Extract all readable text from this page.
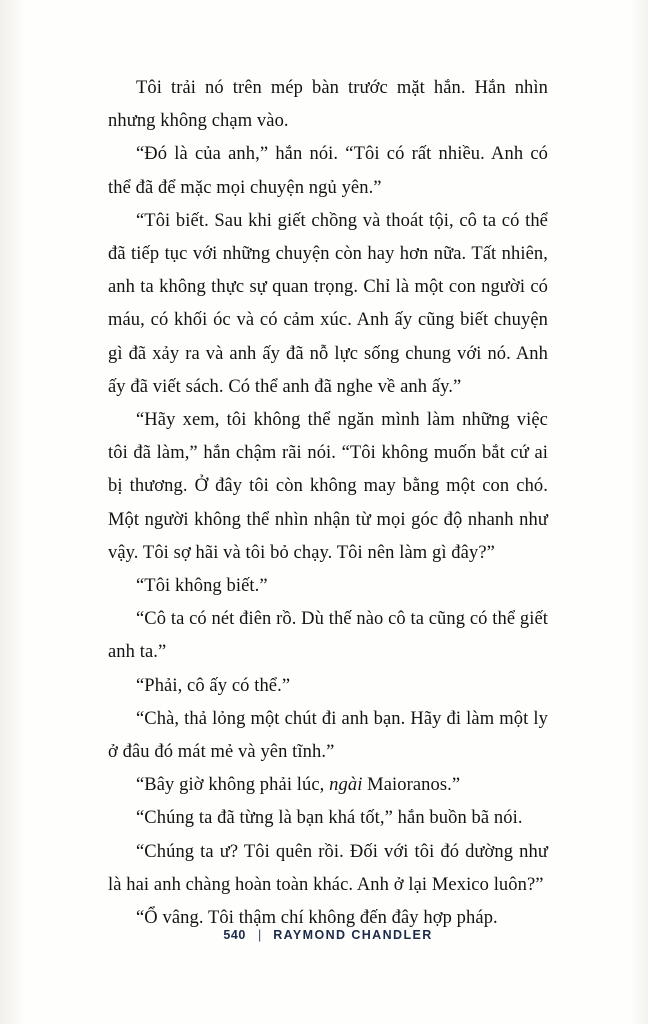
Tôi trải nó trên mép bàn trước mặt hắn. Hắn nhìn nhưng không chạm vào.

“Đó là của anh,” hắn nói. “Tôi có rất nhiều. Anh có thể đã để mặc mọi chuyện ngủ yên.”

“Tôi biết. Sau khi giết chồng và thoát tội, cô ta có thể đã tiếp tục với những chuyện còn hay hơn nữa. Tất nhiên, anh ta không thực sự quan trọng. Chỉ là một con người có máu, có khối óc và có cảm xúc. Anh ấy cũng biết chuyện gì đã xảy ra và anh ấy đã nỗ lực sống chung với nó. Anh ấy đã viết sách. Có thể anh đã nghe về anh ấy.”

“Hãy xem, tôi không thể ngăn mình làm những việc tôi đã làm,” hắn chậm rãi nói. “Tôi không muốn bắt cứ ai bị thương. Ở đây tôi còn không may bằng một con chó. Một người không thể nhìn nhận từ mọi góc độ nhanh như vậy. Tôi sợ hãi và tôi bỏ chạy. Tôi nên làm gì đây?”

“Tôi không biết.”

“Cô ta có nét điên rồ. Dù thế nào cô ta cũng có thể giết anh ta.”

“Phải, cô ấy có thể.”

“Chà, thả lỏng một chút đi anh bạn. Hãy đi làm một ly ở đâu đó mát mẻ và yên tĩnh.”

“Bây giờ không phải lúc, ngài Maioranos.”

“Chúng ta đã từng là bạn khá tốt,” hắn buồn bã nói.

“Chúng ta ư? Tôi quên rồi. Đối với tôi đó dường như là hai anh chàng hoàn toàn khác. Anh ở lại Mexico luôn?”

“Ổ vâng. Tôi thậm chí không đến đây hợp pháp.

540 | RAYMOND CHANDLER
